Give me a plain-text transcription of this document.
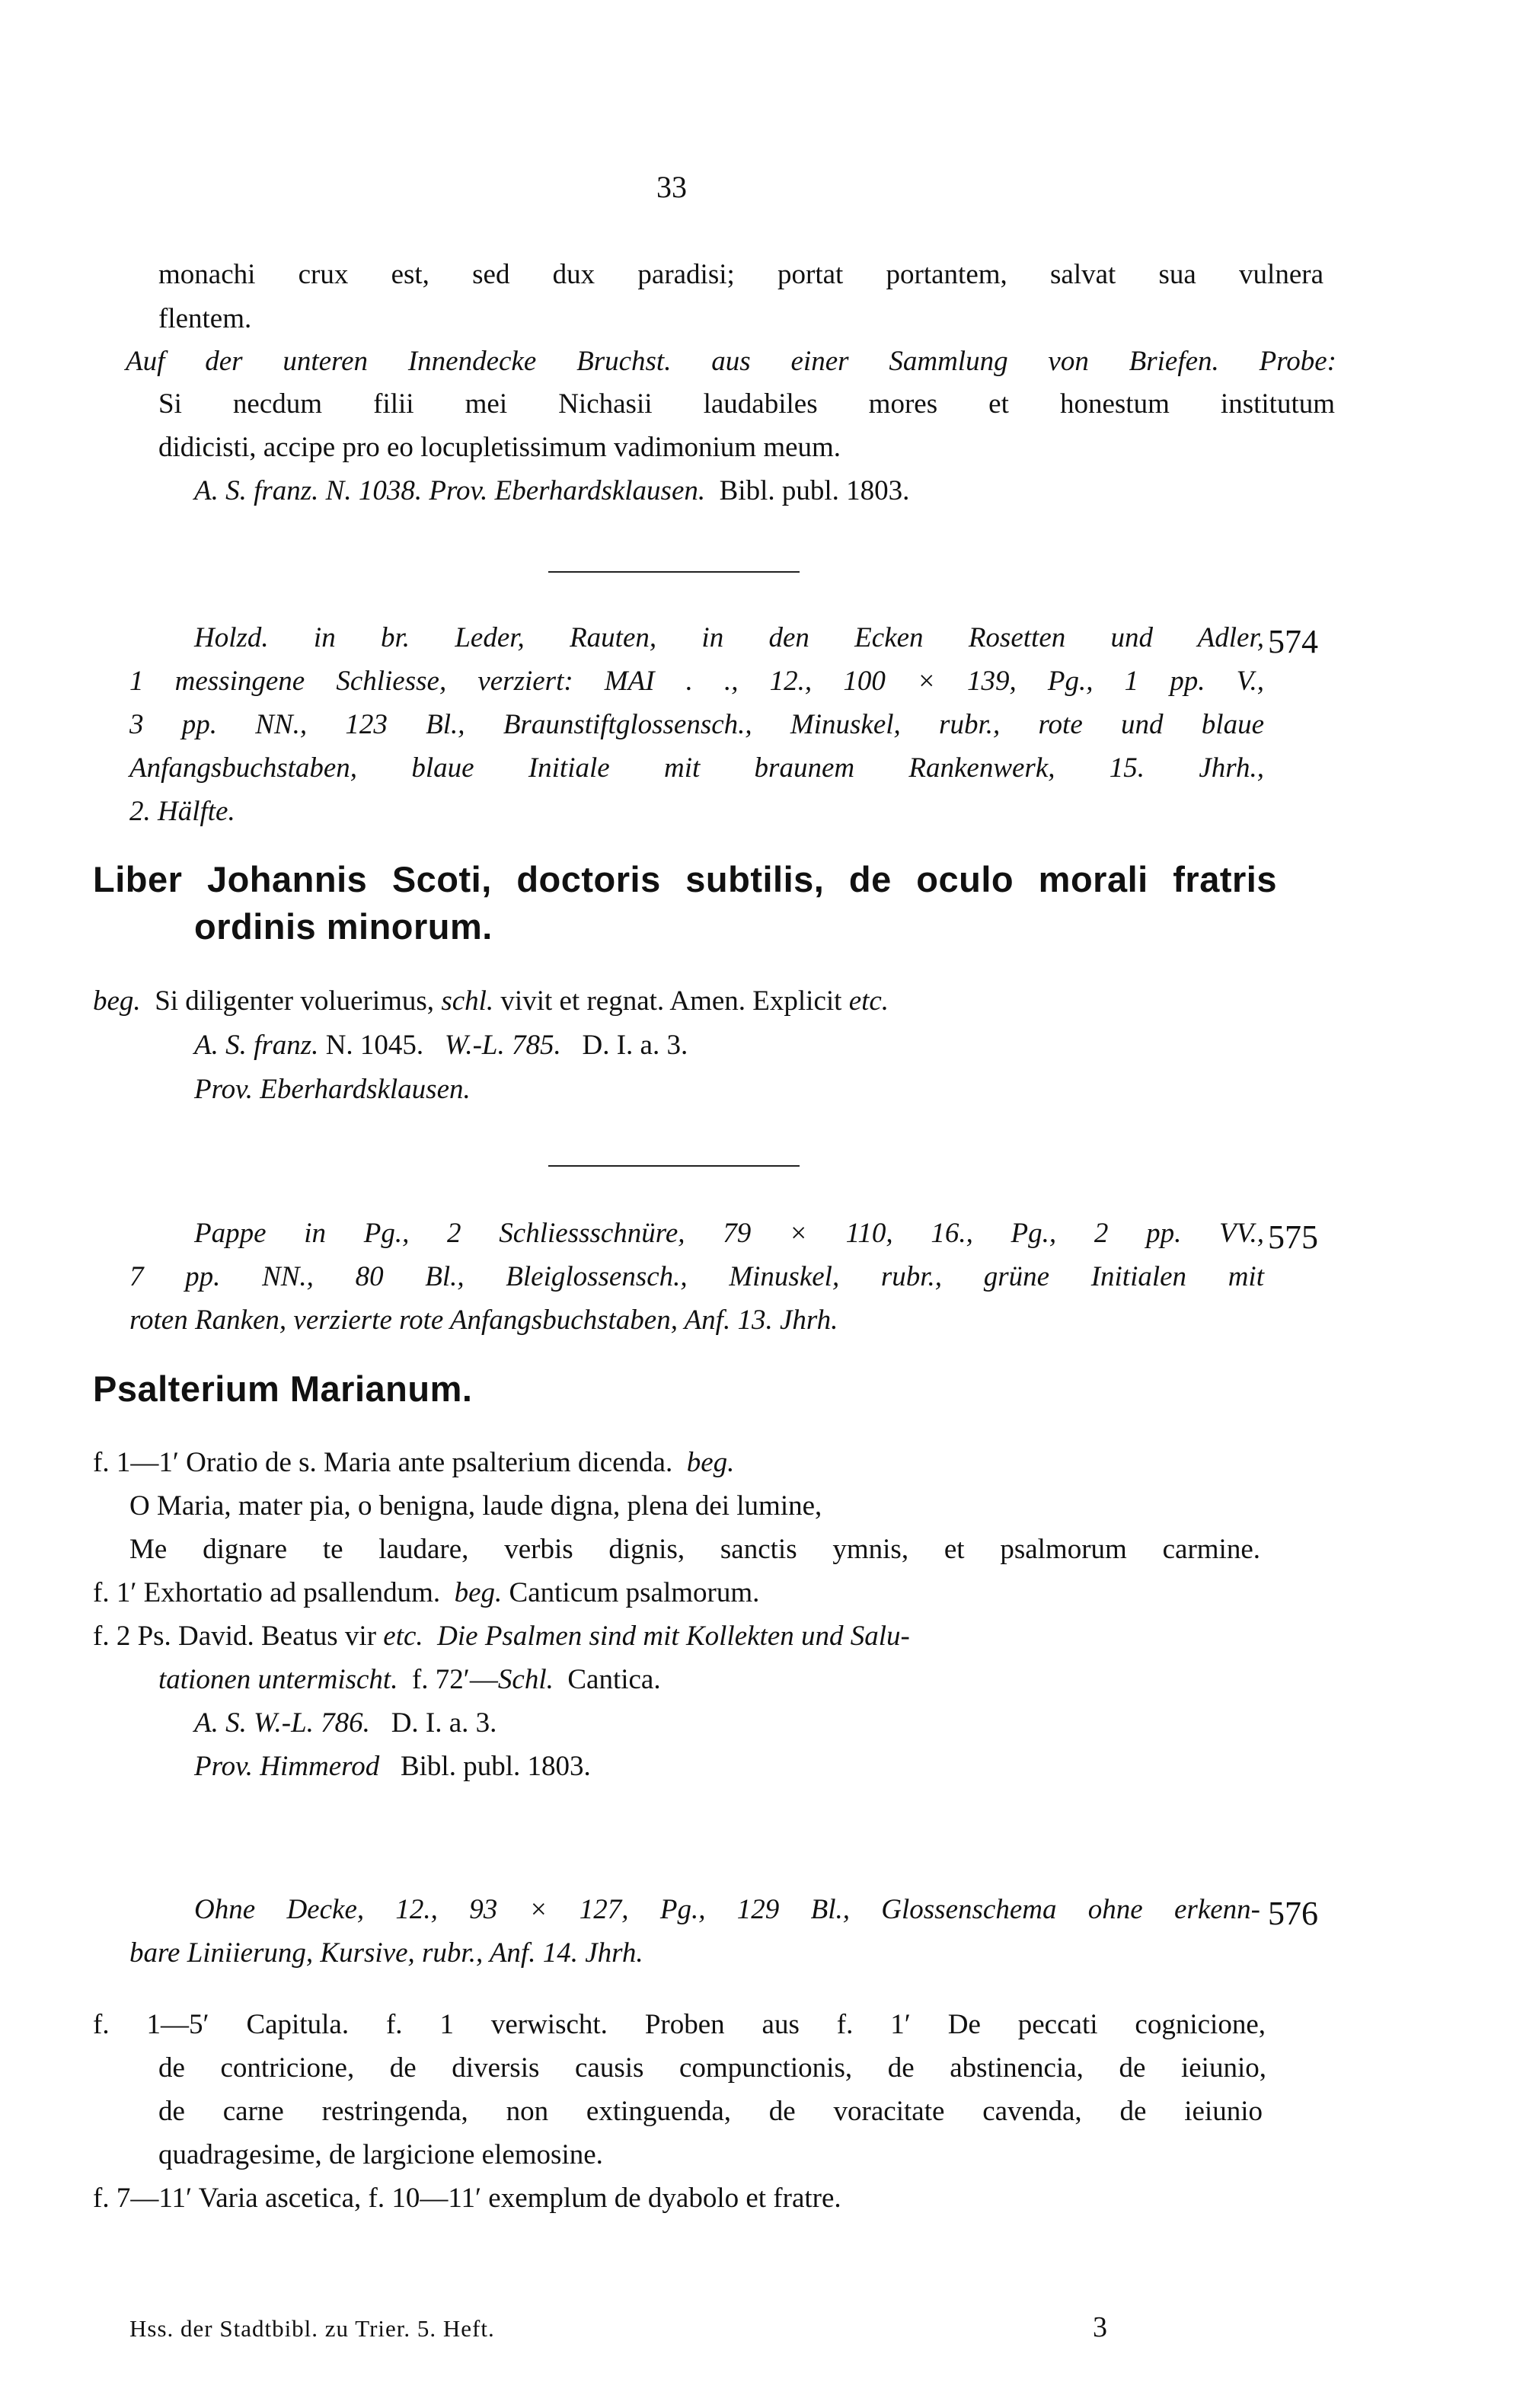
33
monachi crux est, sed dux paradisi; portat portantem, salvat sua vulnera
flentem.
Auf der unteren Innendecke Bruchst. aus einer Sammlung von Briefen. Probe:
Si necdum filii mei Nichasii laudabiles mores et honestum institutum
didicisti, accipe pro eo locupletissimum vadimonium meum.
A. S. franz. N. 1038. Prov. Eberhardsklausen. Bibl. publ. 1803.
574
Holzd. in br. Leder, Rauten, in den Ecken Rosetten und Adler,
1 messingene Schliesse, verziert: MAI . ., 12., 100 × 139, Pg., 1 pp. V.,
3 pp. NN., 123 Bl., Braunstiftglossensch., Minuskel, rubr., rote und blaue
Anfangsbuchstaben, blaue Initiale mit braunem Rankenwerk, 15. Jhrh.,
2. Hälfte.
Liber Johannis Scoti, doctoris subtilis, de oculo morali fratris
ordinis minorum.
beg. Si diligenter voluerimus, schl. vivit et regnat. Amen. Explicit etc.
A. S. franz. N. 1045. W.-L. 785. D. I. a. 3.
Prov. Eberhardsklausen.
575
Pappe in Pg., 2 Schliessschnüre, 79 × 110, 16., Pg., 2 pp. VV.,
7 pp. NN., 80 Bl., Bleiglossensch., Minuskel, rubr., grüne Initialen mit
roten Ranken, verzierte rote Anfangsbuchstaben, Anf. 13. Jhrh.
Psalterium Marianum.
f. 1—1′ Oratio de s. Maria ante psalterium dicenda. beg.
O Maria, mater pia, o benigna, laude digna, plena dei lumine,
Me dignare te laudare, verbis dignis, sanctis ymnis, et psalmorum carmine.
f. 1′ Exhortatio ad psallendum. beg. Canticum psalmorum.
f. 2 Ps. David. Beatus vir etc. Die Psalmen sind mit Kollekten und Salu-
tationen untermischt. f. 72′—Schl. Cantica.
A. S. W.-L. 786. D. I. a. 3.
Prov. Himmerod Bibl. publ. 1803.
576
Ohne Decke, 12., 93 × 127, Pg., 129 Bl., Glossenschema ohne erkenn-
bare Liniierung, Kursive, rubr., Anf. 14. Jhrh.
f. 1—5′ Capitula. f. 1 verwischt. Proben aus f. 1′ De peccati cognicione,
de contricione, de diversis causis compunctionis, de abstinencia, de ieiunio,
de carne restringenda, non extinguenda, de voracitate cavenda, de ieiunio
quadragesime, de largicione elemosine.
f. 7—11′ Varia ascetica, f. 10—11′ exemplum de dyabolo et fratre.
Hss. der Stadtbibl. zu Trier. 5. Heft.	3
